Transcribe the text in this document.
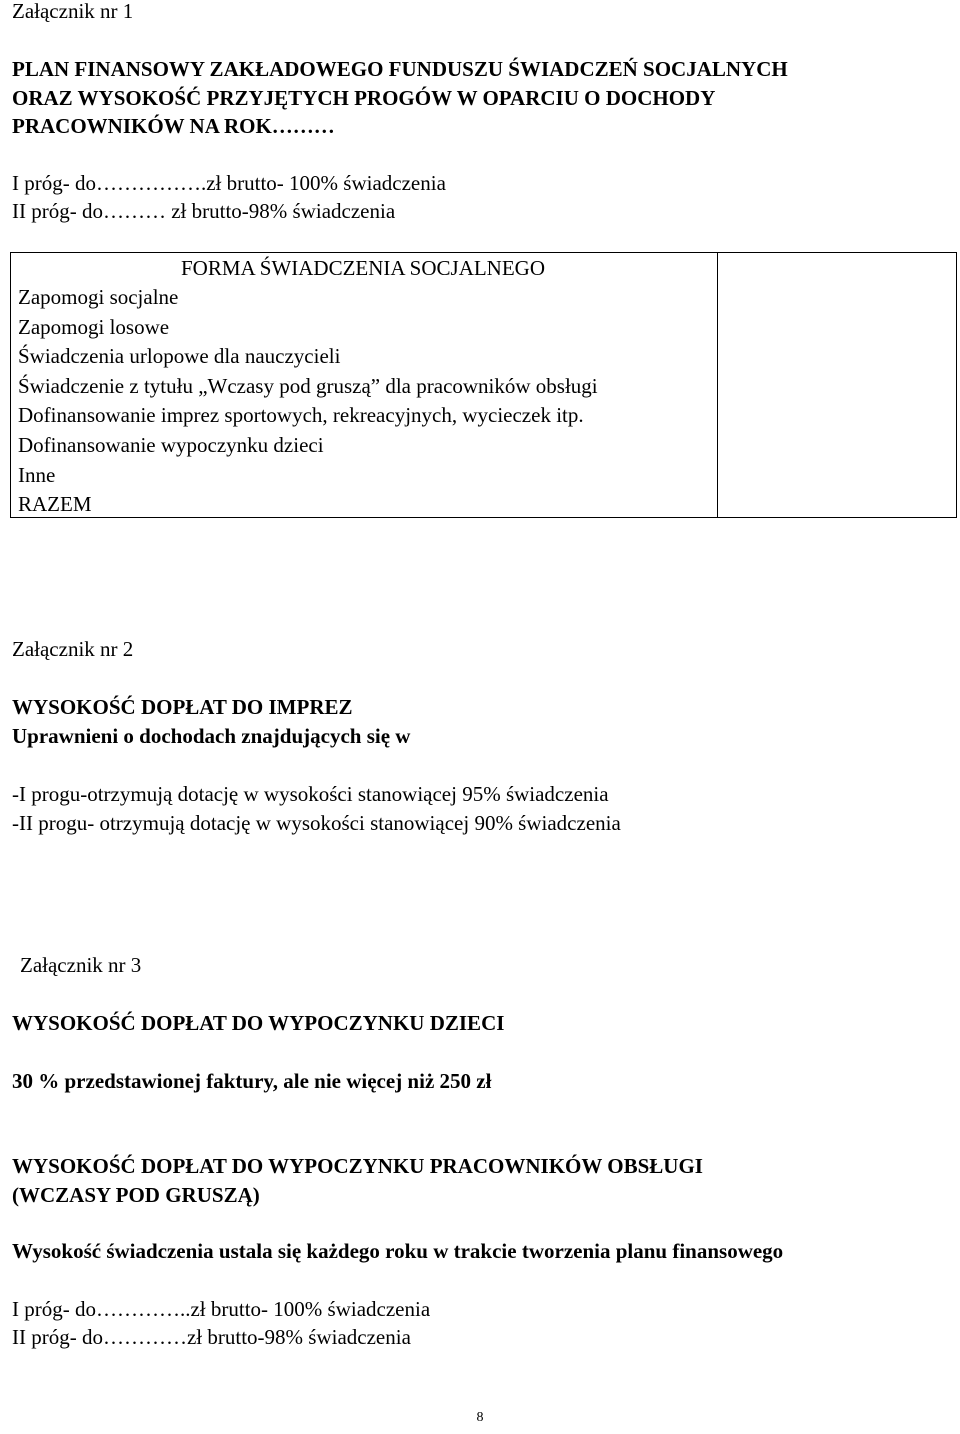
Załącznik nr 1
PLAN FINANSOWY ZAKŁADOWEGO FUNDUSZU ŚWIADCZEŃ SOCJALNYCH
ORAZ WYSOKOŚĆ PRZYJĘTYCH PROGÓW W OPARCIU O DOCHODY
PRACOWNIKÓW NA ROK………
I próg- do…………….zł brutto- 100% świadczenia
II próg- do……… zł brutto-98% świadczenia
FORMA ŚWIADCZENIA SOCJALNEGO
Zapomogi socjalne
Zapomogi losowe
Świadczenia urlopowe dla nauczycieli
Świadczenie z tytułu „Wczasy pod gruszą” dla pracowników obsługi
Dofinansowanie imprez sportowych, rekreacyjnych, wycieczek itp.
Dofinansowanie wypoczynku dzieci
Inne
RAZEM
Załącznik nr 2
WYSOKOŚĆ DOPŁAT DO IMPREZ
Uprawnieni o dochodach znajdujących się w
-I progu-otrzymują dotację w wysokości stanowiącej 95% świadczenia
-II progu- otrzymują dotację w wysokości stanowiącej 90% świadczenia
Załącznik nr 3
WYSOKOŚĆ DOPŁAT DO WYPOCZYNKU DZIECI
30 % przedstawionej faktury, ale nie więcej niż 250 zł
WYSOKOŚĆ DOPŁAT DO WYPOCZYNKU PRACOWNIKÓW OBSŁUGI
(WCZASY POD GRUSZĄ)
Wysokość świadczenia ustala się każdego roku w trakcie tworzenia planu finansowego
I próg- do…………..zł brutto- 100% świadczenia
II próg- do…………zł brutto-98% świadczenia
8
